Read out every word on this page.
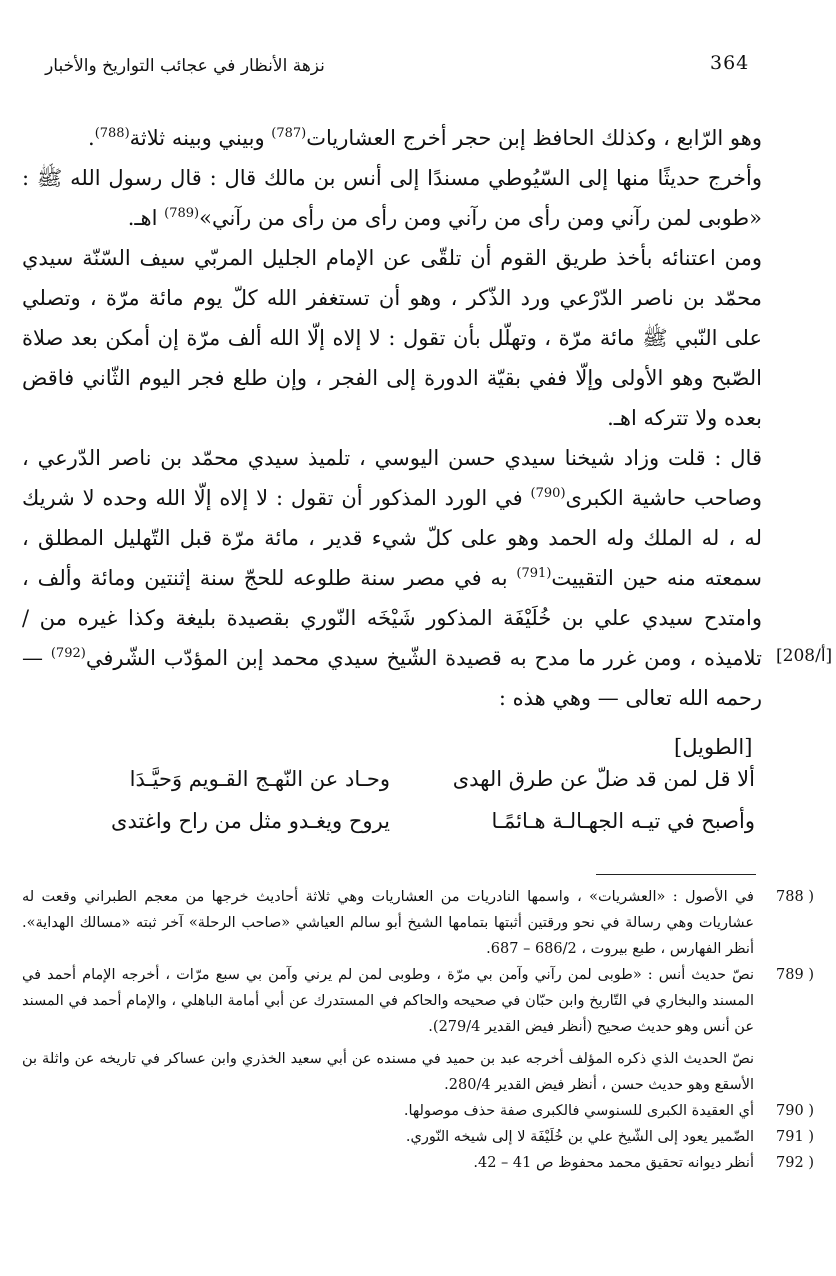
364
نزهة الأنظار في عجائب التواريخ والأخبار

وهو الرّابع ، وكذلك الحافظ إبن حجر أخرج العشاريات$^{(787)}$ وبيني وبينه ثلاثة$^{(788)}$.

وأخرج حديثًا منها إلى السّيُوطي مسندًا إلى أنس بن مالك قال : قال رسول الله ﷺ : «طوبى لمن رآني ومن رأى من رآني ومن رأى من رأى من رآني»$^{(789)}$ اهـ.

ومن اعتنائه بأخذ طريق القوم أن تلقّى عن الإمام الجليل المربّي سيف السّنّة سيدي محمّد بن ناصر الدّرْعي ورد الذّكر ، وهو أن تستغفر الله كلّ يوم مائة مرّة ، وتصلي على النّبي ﷺ مائة مرّة ، وتهلّل بأن تقول : لا إلاه إلّا الله ألف مرّة إن أمكن بعد صلاة الصّبح وهو الأولى وإلّا ففي بقيّة الدورة إلى الفجر ، وإن طلع فجر اليوم الثّاني فاقض بعده ولا تتركه اهـ.

قال : قلت وزاد شيخنا سيدي حسن اليوسي ، تلميذ سيدي محمّد بن ناصر الدّرعي ، وصاحب حاشية الكبرى$^{(790)}$ في الورد المذكور أن تقول : لا إلاه إلّا الله وحده لا شريك له ، له الملك وله الحمد وهو على كلّ شيء قدير ، مائة مرّة قبل التّهليل المطلق ، سمعته منه حين التقييت$^{(791)}$ به في مصر سنة طلوعه للحجّ سنة إثنتين ومائة وألف ، وامتدح سيدي علي بن خُلَيْفَة المذكور شَيْخَه النّوري بقصيدة بليغة وكذا غيره من / تلاميذه ، ومن غرر ما مدح به قصيدة الشّيخ سيدي محمد إبن المؤدّب الشّرفي$^{(792)}$ — رحمه الله تعالى — وهي هذه :

[208/أ]
[الطويل]
ألا قل لمن قد ضلّ عن طرق الهدى
وحـاد عن النّهـج القـويم وَحيَّـدَا
وأصبح في تيـه الجهـالـة هـائمًـا
يروح ويغـدو مثل من راح واغتدى
788 )
في الأصول : «العشريات» ، واسمها النادريات من العشاريات وهي ثلاثة أحاديث خرجها من معجم الطبراني وقعت له عشاريات وهي رسالة في نحو ورقتين أثبتها بتمامها الشيخ أبو سالم العياشي «صاحب الرحلة» آخر ثبته «مسالك الهداية». أنظر الفهارس ، طبع بيروت ، 686/2 – 687.
789 )
نصّ حديث أنس : «طوبى لمن رآني وآمن بي مرّة ، وطوبى لمن لم يرني وآمن بي سبع مرّات ، أخرجه الإمام أحمد في المسند والبخاري في التّاريخ وابن حبّان في صحيحه والحاكم في المستدرك عن أبي أمامة الباهلي ، والإمام أحمد في المسند عن أنس وهو حديث صحيح (أنظر فيض القدير 279/4).
نصّ الحديث الذي ذكره المؤلف أخرجه عبد بن حميد في مسنده عن أبي سعيد الخذري وابن عساكر في تاريخه عن واثلة بن الأسقع وهو حديث حسن ، أنظر فيض القدير 280/4.
790 )
أي العقيدة الكبرى للسنوسي فالكبرى صفة حذف موصولها.
791 )
الضّمير يعود إلى الشّيخ علي بن خُلَيْفَة لا إلى شيخه النّوري.
792 )
أنظر ديوانه تحقيق محمد محفوظ ص 41 – 42.
